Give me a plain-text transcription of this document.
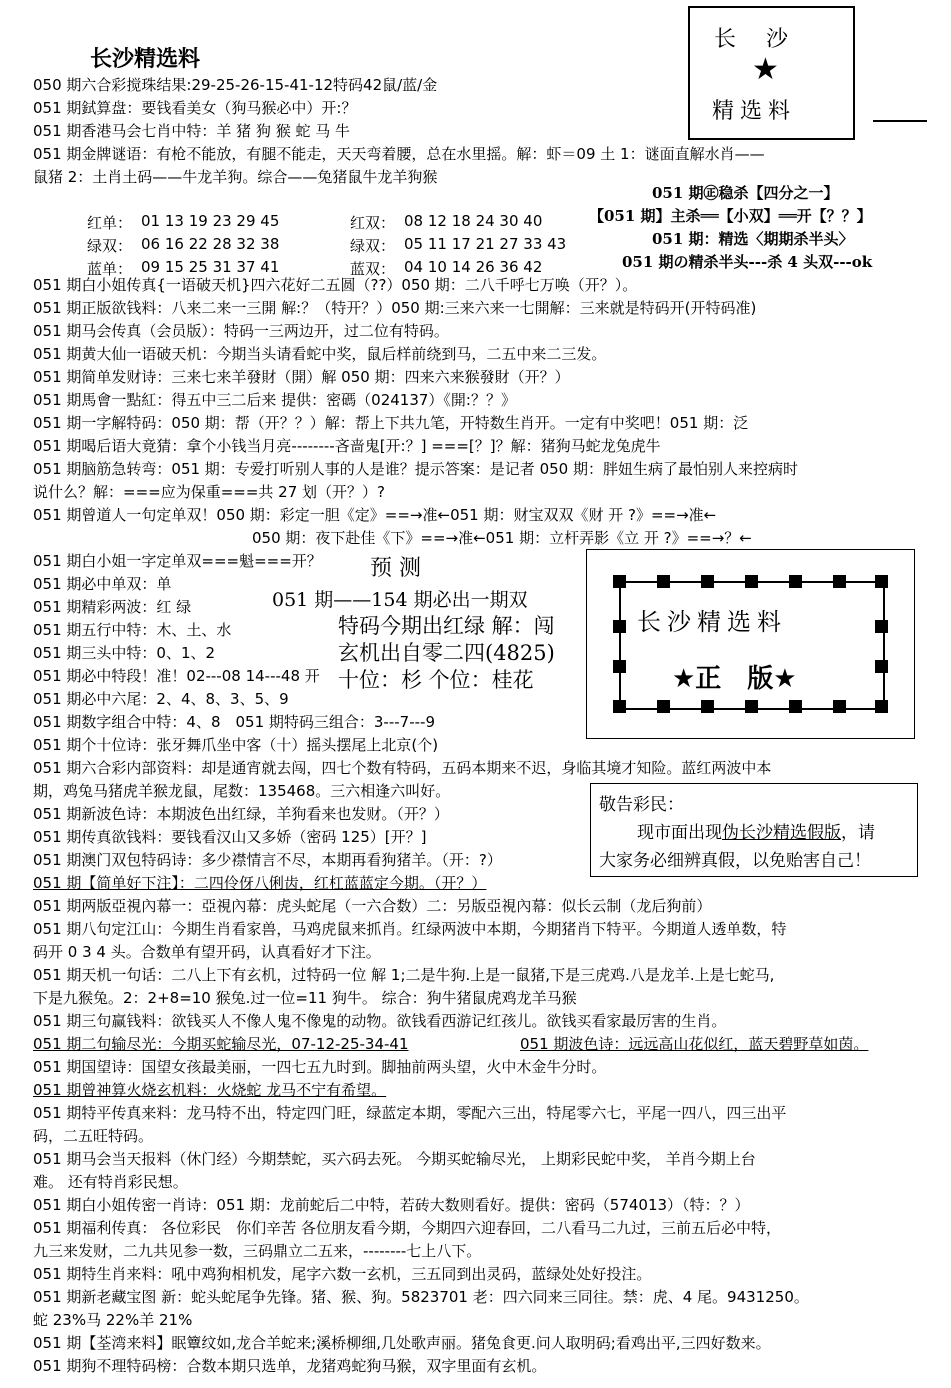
长沙精选料
长沙
★
精选料
050 期六合彩搅珠结果:29-25-26-15-41-12特码42鼠/蓝/金
051 期鉽算盘：要钱看美女（狗马猴必中）开:？
051 期香港马会七肖中特：羊 猪 狗 猴 蛇 马 牛
051 期金牌谜语：有枪不能放，有腿不能走，天天弯着腰，总在水里摇。解：虾＝09 土 1：谜面直解水肖——
鼠猪 2：土肖土码——牛龙羊狗。综合——兔猪鼠牛龙羊狗猴
051 期㊣稳杀【四分之一】
【051 期】主杀══【小双】══开【？？】
051 期：精选〈期期杀半头〉
051 期の精杀半头---杀 4 头双---ok
红单： 01 13 19 23 29 45	红双： 08 12 18 24 30 40
绿双： 06 16 22 28 32 38	绿双： 05 11 17 21 27 33 43
蓝单： 09 15 25 31 37 41	蓝双： 04 10 14 26 36 42
051 期白小姐传真{一语破天机}四六花好二五圆（??）050 期：二八千呼七万唤（开？）。
051 期正版欲钱料：八来二来一三開 解:？（特开？）050 期:三来六来一七開解：三来就是特码开(开特码准)
051 期马会传真（会员版）：特码一三两边开，过二位有特码。
051 期黄大仙一语破天机：今期当头请看蛇中奖，鼠后样前绕到马，二五中来二三发。
051 期简单发财诗：三来七来羊發財（開）解 050 期：四来六来猴發財（开？）
051 期馬會一點紅：得五中三二后来 提供：密碼（024137）《開:？？》
051 期一字解特码：050 期：帮（开？？）解：帮上下共九笔，开特数生肖开。一定有中奖吧！051 期：泛
051 期喝后语大竟猜：拿个小钱当月亮--------吝啬鬼[开:？] ===[？]？解：猪狗马蛇龙兔虎牛
051 期脑筋急转弯：051 期：专爱打听别人事的人是谁？提示答案：是记者 050 期：胖妞生病了最怕别人来控病时
说什么？解：===应为保重===共 27 划（开？）?
051 期曾道人一句定单双！050 期：彩定一胆《定》==→准←051 期：财宝双双《财 开 ?》==→准←
050 期：夜下赴佳《下》==→准←051 期：立杆弄影《立 开 ?》==→？←
051 期白小姐一字定单双===魁===开？
051 期必中单双：单
051 期精彩两波：红 绿
051 期五行中特：木、土、水
051 期三头中特：0、1、2
051 期必中特段！准！02---08 14---48 开
051 期必中六尾：2、4、8、3、5、9
051 期数字组合中特：4、8　051 期特码三组合：3---7---9
051 期个十位诗：张牙舞爪坐中客（十）摇头摆尾上北京(个)
预 测
051 期——154 期必出一期双
特码今期出红绿 解：闯
玄机出自零二四(4825)
十位：杉 个位：桂花
长沙精选料
★正　版★
敬告彩民：
现市面出现伪长沙精选假版，请
大家务必细辨真假，以免贻害自己！
051 期六合彩内部资料：却是通宵就去闯，四七个数有特码，五码本期来不迟，身临其境才知险。蓝红两波中本
期，鸡兔马猪虎羊猴龙鼠，尾数：135468。三六相逢六叫好。
051 期新波色诗：本期波色出红绿，羊狗看来也发财。（开？）
051 期传真欲钱料：要钱看汉山又多娇（密码 125）[开？]
051 期澳门双包特码诗：多少襟情言不尽，本期再看狗猪羊。（开：?）
051 期【简单好下注】：二四伶伢八俐齿，红杠蓝蓝定今期。（开？）
051 期两版亞視內幕一：亞視內幕：虎头蛇尾（一六合数）二：另版亞視內幕：似长云制（龙后狗前）
051 期八句定江山：今期生肖看家兽，马鸡虎鼠来抓肖。红绿两波中本期，今期猪肖下特平。今期道人透单数，特
码开 0 3 4 头。合数单有望开码，认真看好才下注。
051 期天机一句话：二八上下有玄机，过特码一位 解 1;二是牛狗.上是一鼠猪,下是三虎鸡.八是龙羊.上是七蛇马,
下是九猴兔。2：2+8=10 猴兔.过一位=11 狗牛。 综合：狗牛猪鼠虎鸡龙羊马猴
051 期三句赢钱料：欲钱买人不像人鬼不像鬼的动物。欲钱看西游记红孩儿。欲钱买看家最厉害的生肖。
051 期二句输尽光：今期买蛇输尽光，07-12-25-34-41	051 期波色诗：远远高山花似红，蓝天碧野草如茵。
051 期国望诗：国望女孩最美丽，一四七五九时到。脚抽前两头望，火中木金牛分时。
051 期曾神算火烧玄机料：火烧蛇 龙马不宁有希望。
051 期特平传真来料：龙马特不出，特定四门旺，绿蓝定本期，零配六三出，特尾零六七，平尾一四八，四三出平
码，二五旺特码。
051 期马会当天报料（休门经）今期禁蛇，买六码去死。 今期买蛇输尽光， 上期彩民蛇中奖， 羊肖今期上台
难。 还有特肖彩民想。
051 期白小姐传密一肖诗：051 期：龙前蛇后二中特，若砖大数则看好。提供：密码（574013）（特：？）
051 期福利传真： 各位彩民　你们辛苦 各位朋友看今期，今期四六迎春回，二八看马二九过，三前五后必中特，
九三来发财，二九共见参一数，三码鼎立二五来，--------七上八下。
051 期特生肖来料：吼中鸡狗相机发，尾字六数一玄机，三五同到出灵码，蓝绿处处好投注。
051 期新老藏宝图 新：蛇头蛇尾争先锋。猪、猴、狗。5823701 老：四六同来三同往。禁：虎、4 尾。9431250。
蛇 23%马 22%羊 21%
051 期【荃湾来料】眠簟纹如,龙合羊蛇来;溪桥柳细,几处歌声丽。猪兔食更.问人取明码;看鸡出平,三四好数来。
051 期狗不理特码榜：合数本期只选单，龙猪鸡蛇狗马猴，双字里面有玄机。
